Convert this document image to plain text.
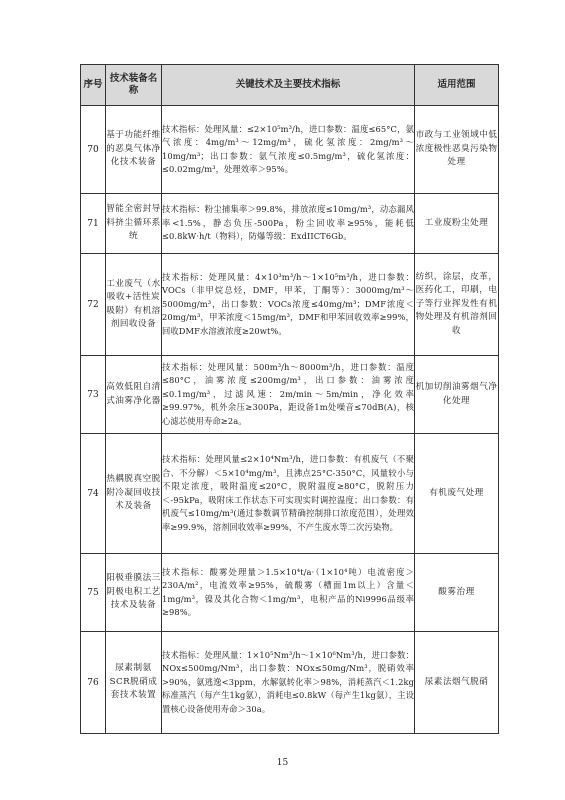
序号	技术装备名称	关键技术及主要技术指标	适用范围
70	基于功能纤维的恶臭气体净化技术装备	技术指标：处理风量：≤2×10⁵m³/h，进口参数：温度≤65°C，氨气浓度：4mg/m³～12mg/m³，硫化氢浓度：2mg/m³～10mg/m³；出口参数：氨气浓度≤0.5mg/m³，硫化氢浓度：≤0.02mg/m³，处理效率＞95%。	市政与工业领域中低浓度极性恶臭污染物处理
71	智能全密封导料挤尘循环系统	技术指标：粉尘捕集率＞99.8%，排放浓度≤10mg/m³，动态漏风率<1.5%，静态负压-500Pa，粉尘回收率≥95%，能耗低≤0.8kW·h/t（物料），防爆等级：ExdIICT6Gb。	工业废粉尘处理
72	工业废气（水吸收+活性炭吸附）有机溶剂回收设备	技术指标：处理风量：4×10³m³/h～1×10⁵m³/h，进口参数：VOCs（非甲烷总烃，DMF，甲苯，丁酮等）：3000mg/m³～5000mg/m³，出口参数：VOCs浓度≤40mg/m³；DMF浓度＜20mg/m³，甲苯浓度＜15mg/m³，DMF和甲苯回收效率≥99%，回收DMF水溶液浓度≥20wt%。	纺织，涂层，皮革，医药化工，印刷，电子等行业挥发性有机物处理及有机溶剂回收
73	高效低阻自清式油雾净化器	技术指标：处理风量：500m³/h～8000m³/h，进口参数：温度≤80°C，油雾浓度≤200mg/m³，出口参数：油雾浓度≤0.1mg/m³，过滤风速：2m/min～5m/min，净化效率≥99.97%，机外余压≥300Pa，距设备1m处噪音≤70dB(A)，核心滤芯使用寿命≥2a。	机加切削油雾烟气净化处理
74	热耦脱真空脱附冷凝回收技术及装备	技术指标：处理风量≤2×10⁴Nm³/h，进口参数：有机废气（不聚合、不分解）＜5×10⁴mg/m³，且沸点25°C-350°C，风量较小与不限定浓度，吸附温度≤20°C，脱附温度≥80°C，脱附压力＜-95kPa，吸附床工作状态下可实现实时调控温度；出口参数：有机废气≤10mg/m³(通过参数调节精确控制排口浓度范围），处理效率≥99.9%，溶剂回收效率≥99%，不产生废水等二次污染物。	有机废气处理
75	阳极垂膜法三阴极电积工艺技术及装备	技术指标：酸雾处理量＞1.5×10⁴t/a·（1×10⁴吨）电流密度＞230A/m²，电流效率≥95%，硫酸雾（槽面1m以上）含量＜1mg/m³，镍及其化合物＜1mg/m³，电积产品的Ni9996品级率≥98%。	酸雾治理
76	尿素制氨SCR脱硝成套技术装置	技术指标：处理风量：1×10⁵Nm³/h～1×10⁶Nm³/h，进口参数：NOx≤500mg/Nm³，出口参数：NOx≤50mg/Nm³，脱硝效率>90%，氨逃逸<3ppm，水解氨转化率＞98%，消耗蒸汽＜1.2kg标准蒸汽（每产生1kg氨），消耗电≤0.8kW（每产生1kg氨），主设置核心设备使用寿命＞30a。	尿素法烟气脱硝
15
